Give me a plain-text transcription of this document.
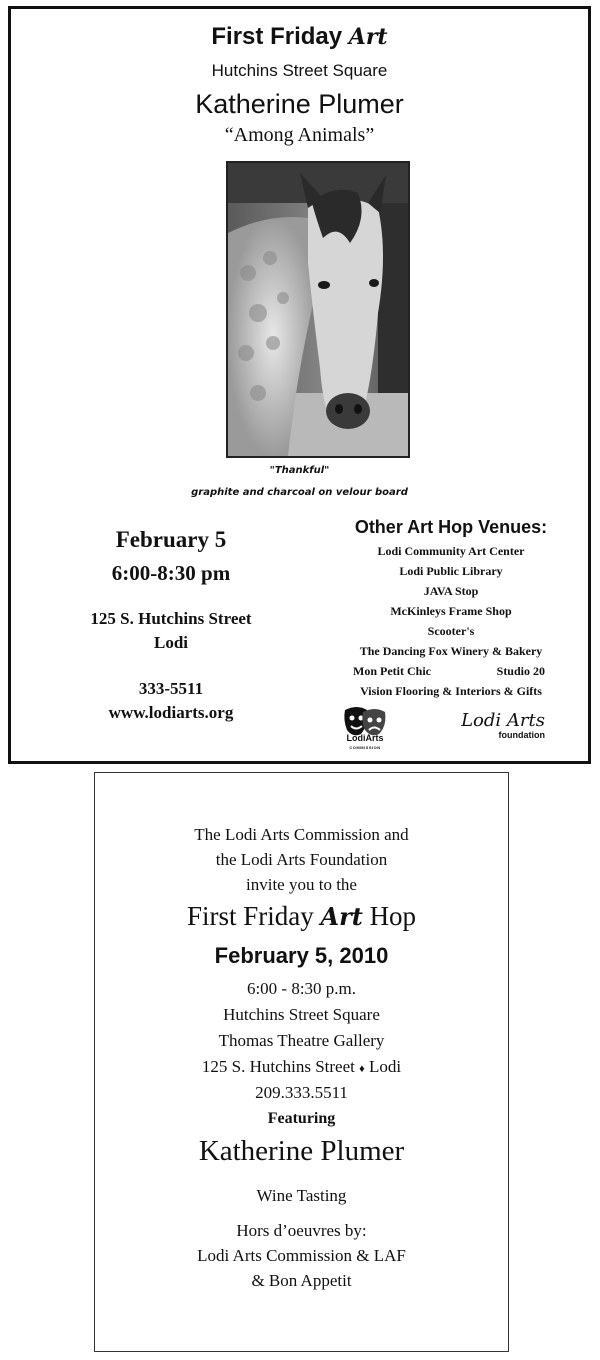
First Friday Art
Hutchins Street Square
Katherine Plumer
“Among Animals”
"Thankful"
graphite and charcoal on velour board
February 5
6:00-8:30 pm
125 S. Hutchins Street
Lodi
333-5511
www.lodiarts.org
Other Art Hop Venues:
Lodi Community Art Center
Lodi Public Library
JAVA Stop
McKinleys Frame Shop
Scooter's
The Dancing Fox Winery & Bakery
Mon Petit Chic	Studio 20
Vision Flooring & Interiors & Gifts
LodiArts
COMMISSION
Lodi Arts
foundation
The Lodi Arts Commission and
the Lodi Arts Foundation
invite you to the
First Friday Art Hop
February 5, 2010
6:00 - 8:30 p.m.
Hutchins Street Square
Thomas Theatre Gallery
125 S. Hutchins Street ♦ Lodi
209.333.5511
Featuring
Katherine Plumer
Wine Tasting
Hors d’oeuvres by:
Lodi Arts Commission & LAF
& Bon Appetit
